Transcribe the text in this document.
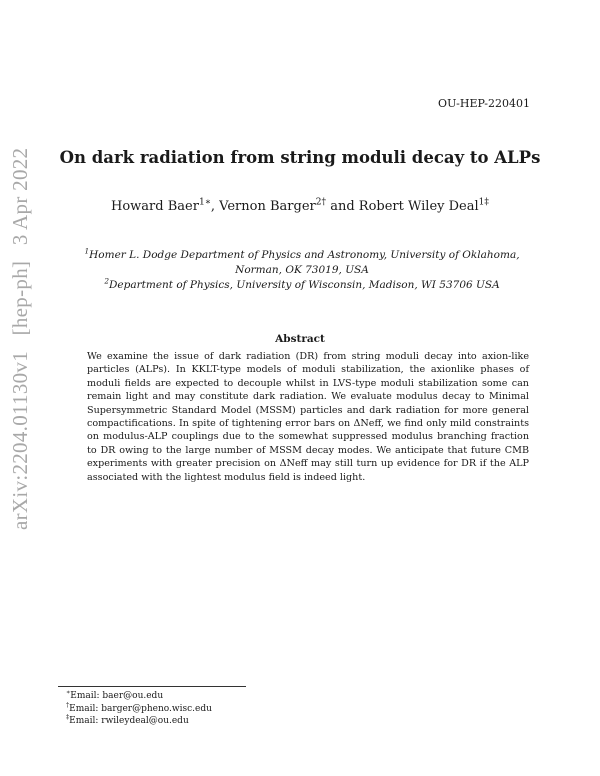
arXiv:2204.01130v1 [hep-ph] 3 Apr 2022
OU-HEP-220401
On dark radiation from string moduli decay to ALPs
Howard Baer$^{1∗}$, Vernon Barger$^{2\dagger}$ and Robert Wiley Deal$^{1\ddagger}$

$^1$Homer L. Dodge Department of Physics and Astronomy, University of Oklahoma, Norman, OK 73019, USA

$^2$Department of Physics, University of Wisconsin, Madison, WI 53706 USA

Abstract
We examine the issue of dark radiation (DR) from string moduli decay into axion-like particles (ALPs). In KKLT-type models of moduli stabilization, the axionlike phases of moduli fields are expected to decouple whilst in LVS-type moduli stabilization some can remain light and may constitute dark radiation. We evaluate modulus decay to Minimal Supersymmetric Standard Model (MSSM) particles and dark radiation for more general compactifications. In spite of tightening error bars on ΔNeff, we find only mild constraints on modulus-ALP couplings due to the somewhat suppressed modulus branching fraction to DR owing to the large number of MSSM decay modes. We anticipate that future CMB experiments with greater precision on ΔNeff may still turn up evidence for DR if the ALP associated with the lightest modulus field is indeed light.
∗Email: baer@ou.edu
†Email: barger@pheno.wisc.edu
‡Email: rwileydeal@ou.edu
